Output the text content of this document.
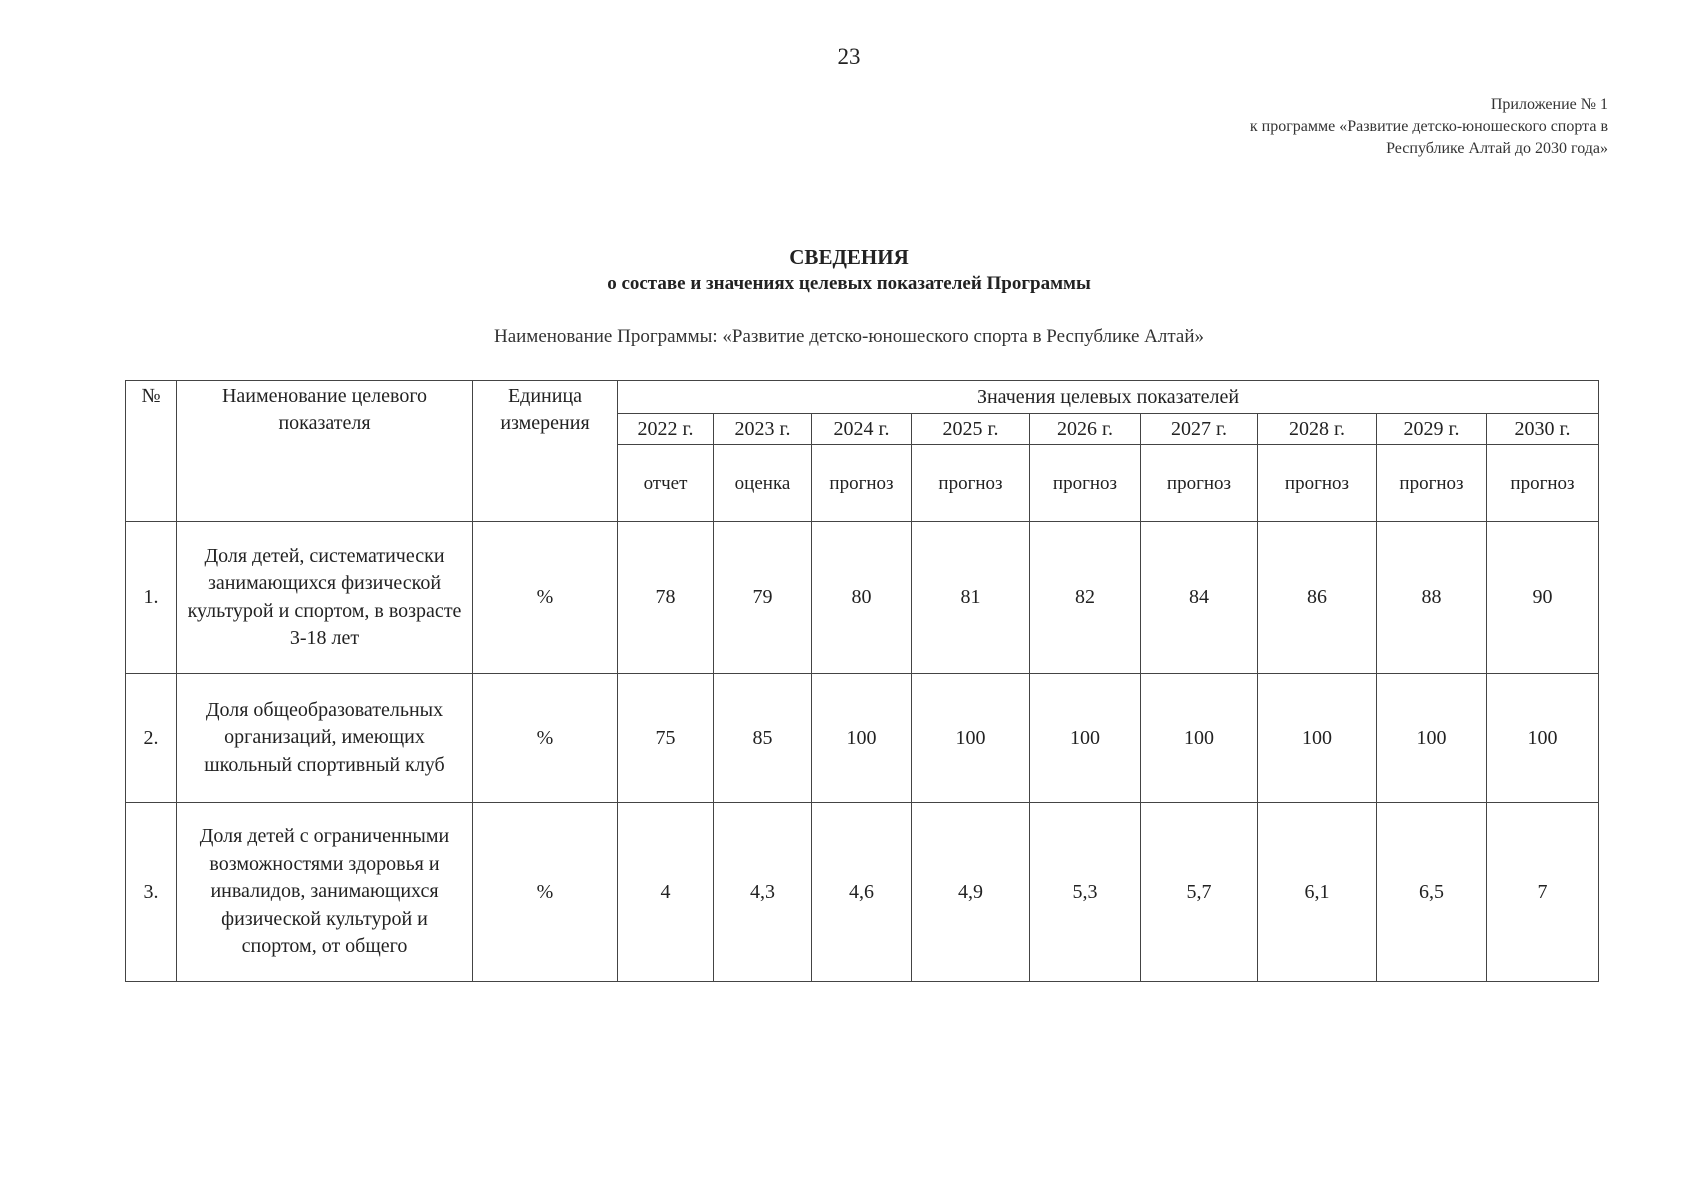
23
Приложение № 1
к программе «Развитие детско-юношеского спорта в
Республике Алтай до 2030 года»
СВЕДЕНИЯ
о составе и значениях целевых показателей Программы
Наименование Программы: «Развитие детско-юношеского спорта в Республике Алтай»
№	Наименование целевого показателя	Единица измерения	Значения целевых показателей								
			2022 г.	2023 г.	2024 г.	2025 г.	2026 г.	2027 г.	2028 г.	2029 г.	2030 г.
			отчет	оценка	прогноз	прогноз	прогноз	прогноз	прогноз	прогноз	прогноз
1.	Доля детей, систематически занимающихся физической культурой и спортом, в возрасте 3-18 лет	%	78	79	80	81	82	84	86	88	90
2.	Доля общеобразовательных организаций, имеющих школьный спортивный клуб	%	75	85	100	100	100	100	100	100	100
3.	Доля детей с ограниченными возможностями здоровья и инвалидов, занимающихся физической культурой и спортом, от общего	%	4	4,3	4,6	4,9	5,3	5,7	6,1	6,5	7
